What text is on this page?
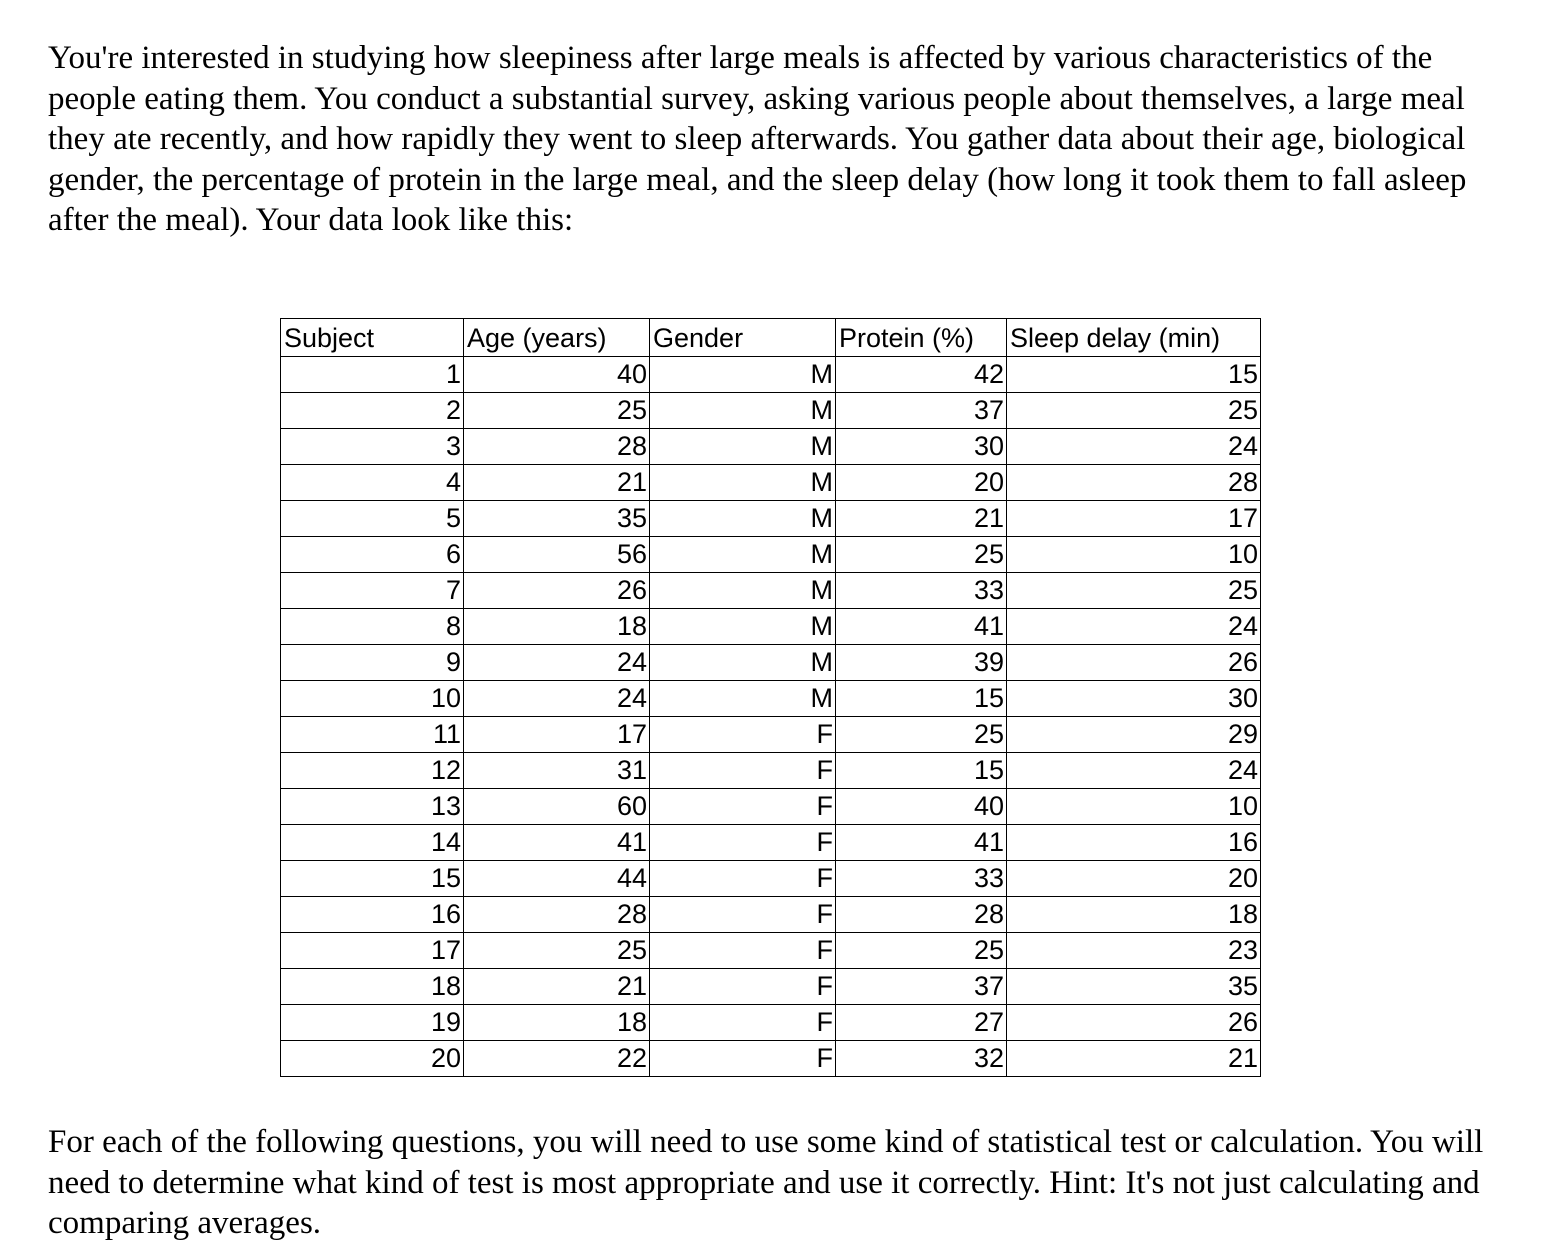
You're interested in studying how sleepiness after large meals is affected by various characteristics of the people eating them. You conduct a substantial survey, asking various people about themselves, a large meal they ate recently, and how rapidly they went to sleep afterwards. You gather data about their age, biological gender, the percentage of protein in the large meal, and the sleep delay (how long it took them to fall asleep after the meal). Your data look like this:

Subject	Age (years)	Gender	Protein (%)	Sleep delay (min)
1	40	M	42	15
2	25	M	37	25
3	28	M	30	24
4	21	M	20	28
5	35	M	21	17
6	56	M	25	10
7	26	M	33	25
8	18	M	41	24
9	24	M	39	26
10	24	M	15	30
11	17	F	25	29
12	31	F	15	24
13	60	F	40	10
14	41	F	41	16
15	44	F	33	20
16	28	F	28	18
17	25	F	25	23
18	21	F	37	35
19	18	F	27	26
20	22	F	32	21

For each of the following questions, you will need to use some kind of statistical test or calculation. You will need to determine what kind of test is most appropriate and use it correctly. Hint: It's not just calculating and comparing averages.
